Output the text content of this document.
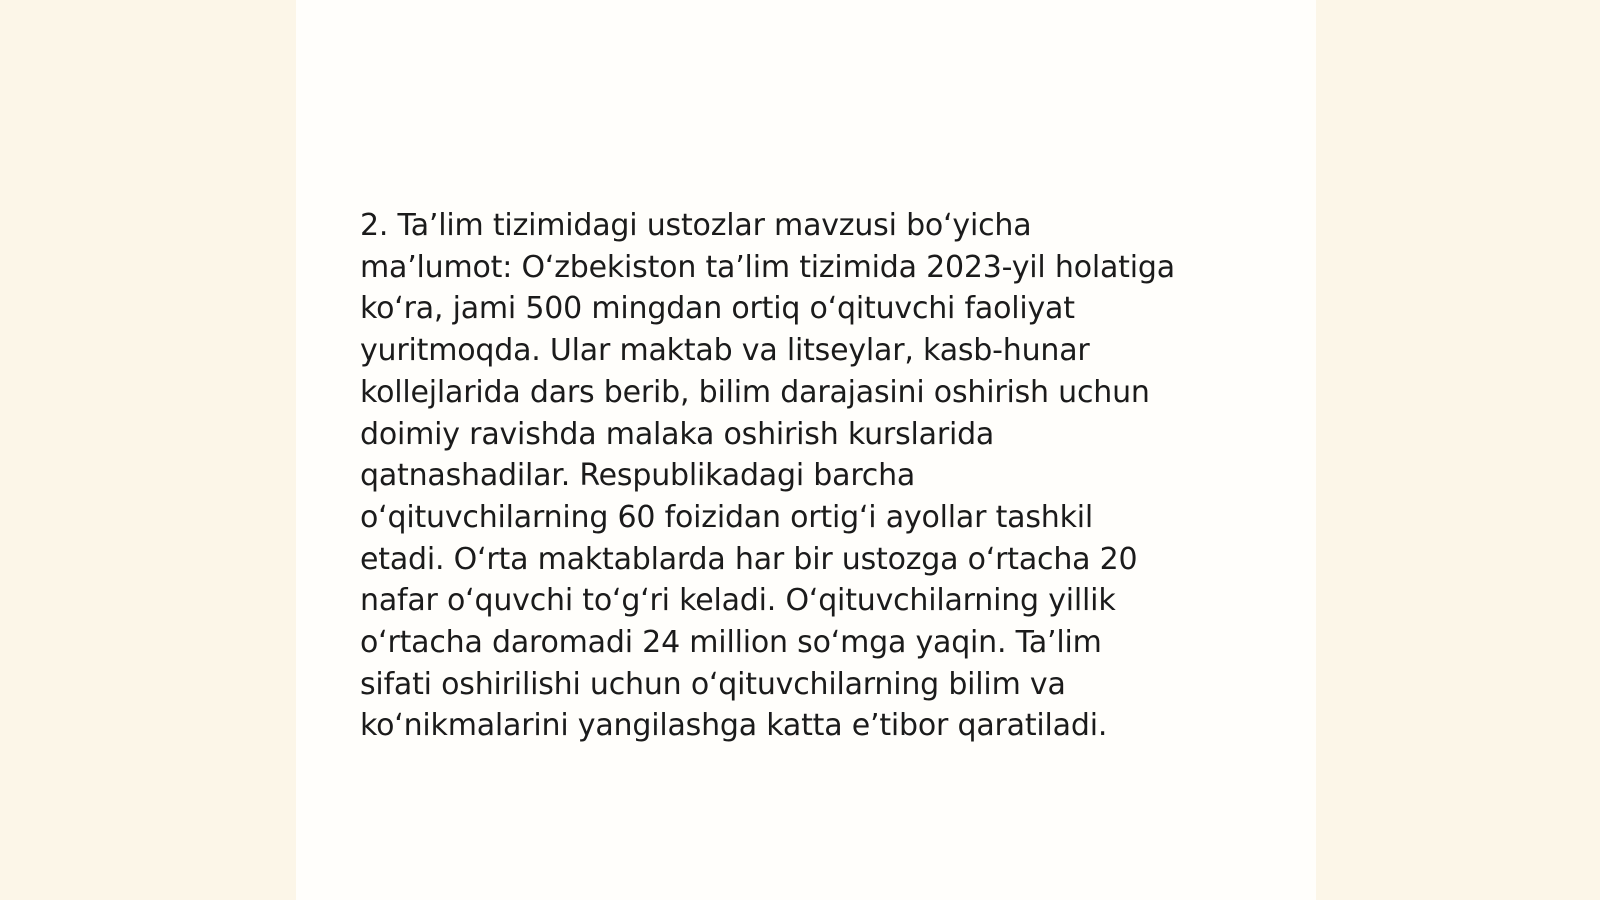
2. Ta’lim tizimidagi ustozlar mavzusi bo‘yicha
ma’lumot: O‘zbekiston ta’lim tizimida 2023-yil holatiga
ko‘ra, jami 500 mingdan ortiq o‘qituvchi faoliyat
yuritmoqda. Ular maktab va litseylar, kasb-hunar
kollejlarida dars berib, bilim darajasini oshirish uchun
doimiy ravishda malaka oshirish kurslarida
qatnashadilar. Respublikadagi barcha
o‘qituvchilarning 60 foizidan ortig‘i ayollar tashkil
etadi. O‘rta maktablarda har bir ustozga o‘rtacha 20
nafar o‘quvchi to‘g‘ri keladi. O‘qituvchilarning yillik
o‘rtacha daromadi 24 million so‘mga yaqin. Ta’lim
sifati oshirilishi uchun o‘qituvchilarning bilim va
ko‘nikmalarini yangilashga katta e’tibor qaratiladi.
